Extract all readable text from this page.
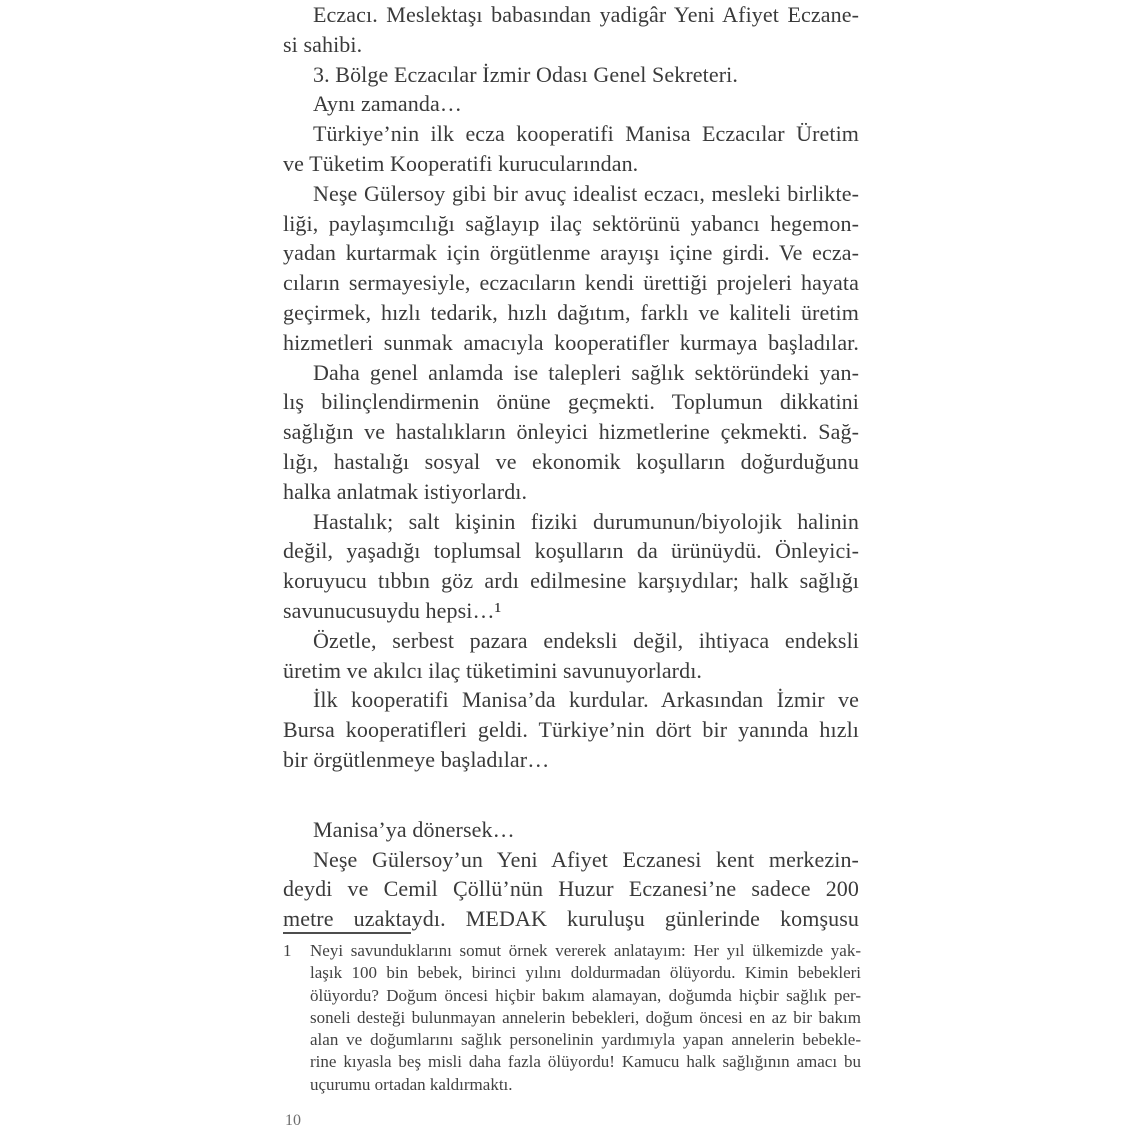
Eczacı. Meslektaşı babasından yadigâr Yeni Afiyet Eczane-
si sahibi.
3. Bölge Eczacılar İzmir Odası Genel Sekreteri.
Aynı zamanda…
Türkiye’nin ilk ecza kooperatifi Manisa Eczacılar Üretim
ve Tüketim Kooperatifi kurucularından.
Neşe Gülersoy gibi bir avuç idealist eczacı, mesleki birlikte-
liği, paylaşımcılığı sağlayıp ilaç sektörünü yabancı hegemon-
yadan kurtarmak için örgütlenme arayışı içine girdi. Ve ecza-
cıların sermayesiyle, eczacıların kendi ürettiği projeleri hayata
geçirmek, hızlı tedarik, hızlı dağıtım, farklı ve kaliteli üretim
hizmetleri sunmak amacıyla kooperatifler kurmaya başladılar.
Daha genel anlamda ise talepleri sağlık sektöründeki yan-
lış bilinçlendirmenin önüne geçmekti. Toplumun dikkatini
sağlığın ve hastalıkların önleyici hizmetlerine çekmekti. Sağ-
lığı, hastalığı sosyal ve ekonomik koşulların doğurduğunu
halka anlatmak istiyorlardı.
Hastalık; salt kişinin fiziki durumunun/biyolojik halinin
değil, yaşadığı toplumsal koşulların da ürünüydü. Önleyici-
koruyucu tıbbın göz ardı edilmesine karşıydılar; halk sağlığı
savunucusuydu hepsi…¹
Özetle, serbest pazara endeksli değil, ihtiyaca endeksli
üretim ve akılcı ilaç tüketimini savunuyorlardı.
İlk kooperatifi Manisa’da kurdular. Arkasından İzmir ve
Bursa kooperatifleri geldi. Türkiye’nin dört bir yanında hızlı
bir örgütlenmeye başladılar…
Manisa’ya dönersek…
Neşe Gülersoy’un Yeni Afiyet Eczanesi kent merkezin-
deydi ve Cemil Çöllü’nün Huzur Eczanesi’ne sadece 200
metre uzaktaydı. MEDAK kuruluşu günlerinde komşusu
1	Neyi savunduklarını somut örnek vererek anlatayım: Her yıl ülkemizde yak-
laşık 100 bin bebek, birinci yılını doldurmadan ölüyordu. Kimin bebekleri
ölüyordu? Doğum öncesi hiçbir bakım alamayan, doğumda hiçbir sağlık per-
soneli desteği bulunmayan annelerin bebekleri, doğum öncesi en az bir bakım
alan ve doğumlarını sağlık personelinin yardımıyla yapan annelerin bebekle-
rine kıyasla beş misli daha fazla ölüyordu! Kamucu halk sağlığının amacı bu
uçurumu ortadan kaldırmaktı.
10
